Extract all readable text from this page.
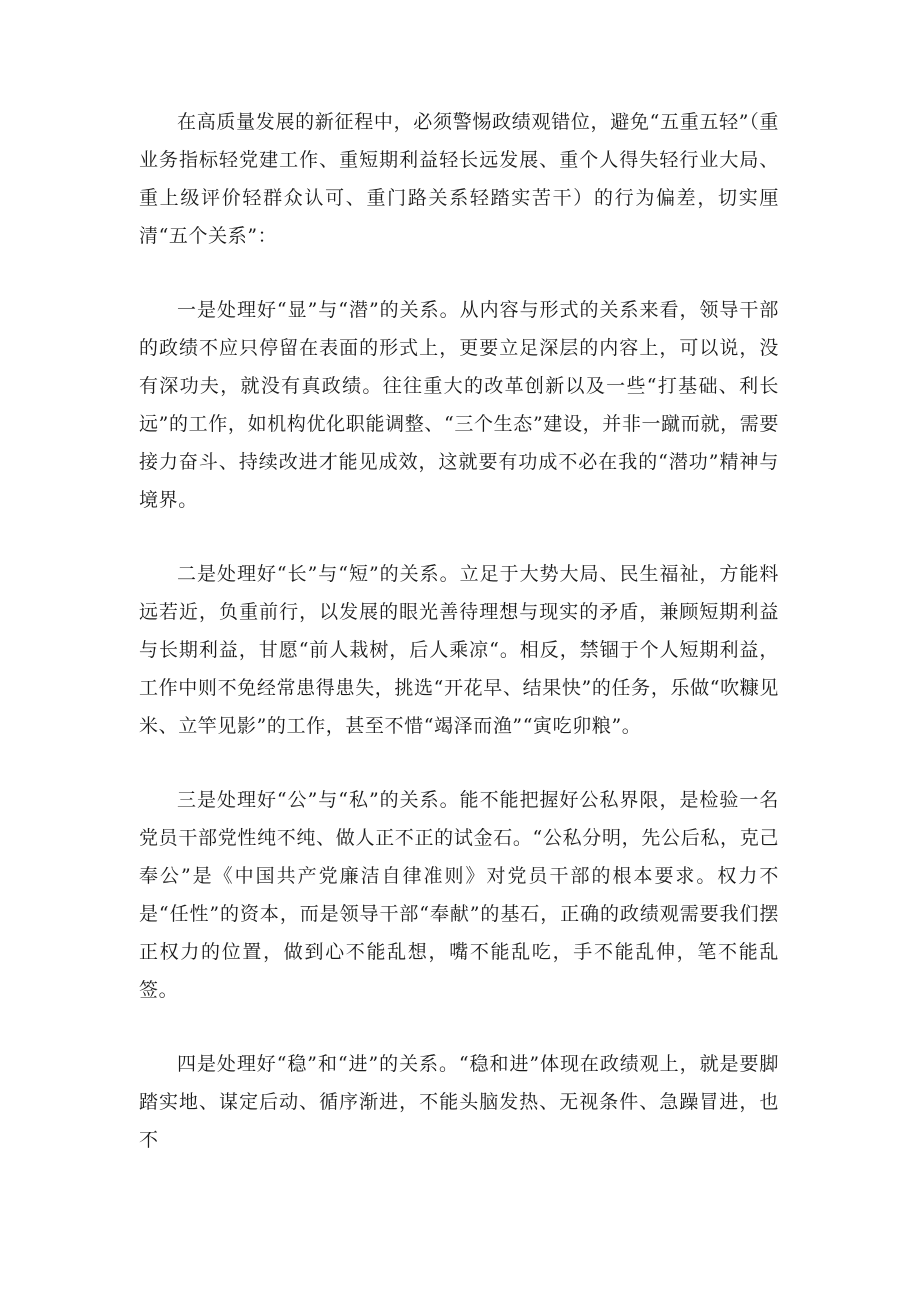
在高质量发展的新征程中，必须警惕政绩观错位，避免“五重五轻”（重业务指标轻党建工作、重短期利益轻长远发展、重个人得失轻行业大局、重上级评价轻群众认可、重门路关系轻踏实苦干）的行为偏差，切实厘清“五个关系”：

一是处理好“显”与“潜”的关系。从内容与形式的关系来看，领导干部的政绩不应只停留在表面的形式上，更要立足深层的内容上，可以说，没有深功夫，就没有真政绩。往往重大的改革创新以及一些“打基础、利长远”的工作，如机构优化职能调整、“三个生态”建设，并非一蹴而就，需要接力奋斗、持续改进才能见成效，这就要有功成不必在我的“潜功”精神与境界。

二是处理好“长”与“短”的关系。立足于大势大局、民生福祉，方能料远若近，负重前行，以发展的眼光善待理想与现实的矛盾，兼顾短期利益与长期利益，甘愿“前人栽树，后人乘凉“。相反，禁锢于个人短期利益，工作中则不免经常患得患失，挑选“开花早、结果快”的任务，乐做“吹糠见米、立竿见影”的工作，甚至不惜“竭泽而渔”“寅吃卯粮”。

三是处理好“公”与“私”的关系。能不能把握好公私界限，是检验一名党员干部党性纯不纯、做人正不正的试金石。“公私分明，先公后私，克己奉公”是《中国共产党廉洁自律准则》对党员干部的根本要求。权力不是“任性”的资本，而是领导干部“奉献”的基石，正确的政绩观需要我们摆正权力的位置，做到心不能乱想，嘴不能乱吃，手不能乱伸，笔不能乱签。

四是处理好“稳”和“进”的关系。“稳和进”体现在政绩观上，就是要脚踏实地、谋定后动、循序渐进，不能头脑发热、无视条件、急躁冒进，也不
